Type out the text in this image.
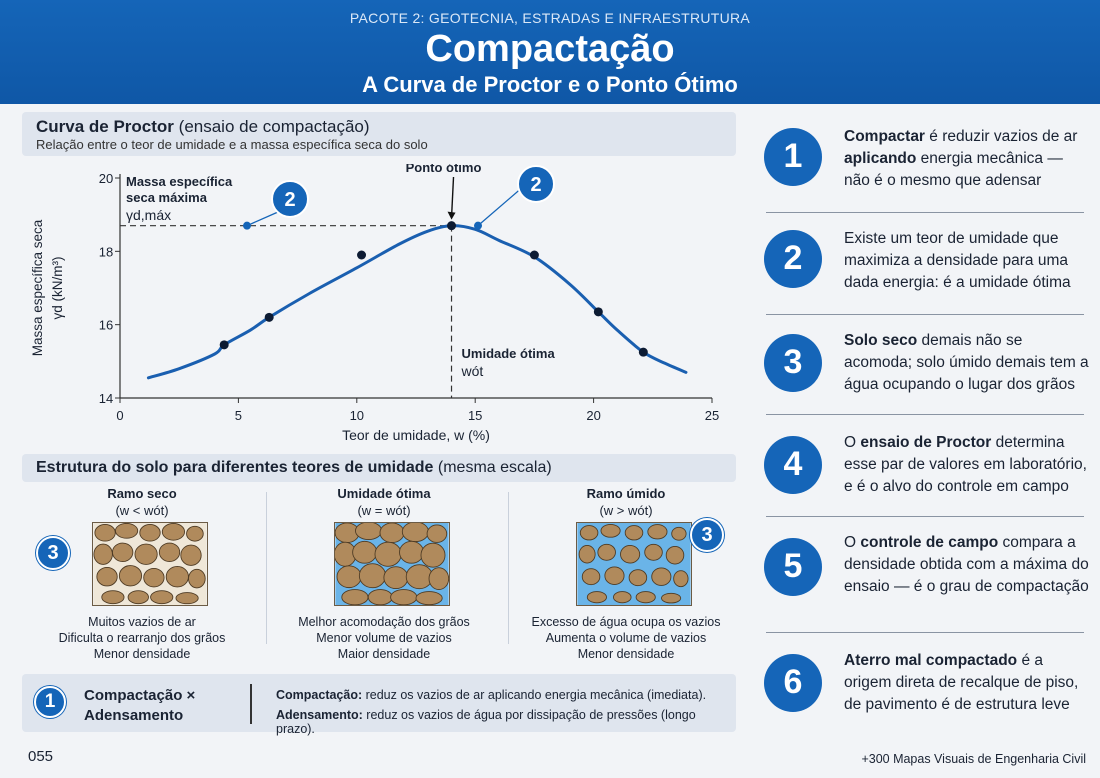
PACOTE 2: GEOTECNIA, ESTRADAS E INFRAESTRUTURA
Compactação
A Curva de Proctor e o Ponto Ótimo
Curva de Proctor (ensaio de compactação)
Relação entre o teor de umidade e a massa específica seca do solo
0	5	10	15	20	25
14
16
18
20
Teor de umidade, w (%)
Massa específica seca γd (kN/m³)
Massa específica
seca máxima
γd,máx
Ponto ótimo
Umidade ótima
wót
2
2
Estrutura do solo para diferentes teores de umidade (mesma escala)
Ramo seco
(w < wót)
Muitos vazios de ar
Dificulta o rearranjo dos grãos
Menor densidade
3
Umidade ótima
(w = wót)
Melhor acomodação dos grãos
Menor volume de vazios
Maior densidade
Ramo úmido
(w > wót)
Excesso de água ocupa os vazios
Aumenta o volume de vazios
Menor densidade
3
1	Compactação × Adensamento
Compactação: reduz os vazios de ar aplicando energia mecânica (imediata).
Adensamento: reduz os vazios de água por dissipação de pressões (longo prazo).
1
Compactar é reduzir vazios de ar aplicando energia mecânica — não é o mesmo que adensar
2
Existe um teor de umidade que maximiza a densidade para uma dada energia: é a umidade ótima
3
Solo seco demais não se acomoda; solo úmido demais tem a água ocupando o lugar dos grãos
4
O ensaio de Proctor determina esse par de valores em laboratório, e é o alvo do controle em campo
5
O controle de campo compara a densidade obtida com a máxima do ensaio — é o grau de compactação
6
Aterro mal compactado é a origem direta de recalque de piso, de pavimento é de estrutura leve
055	+300 Mapas Visuais de Engenharia Civil
